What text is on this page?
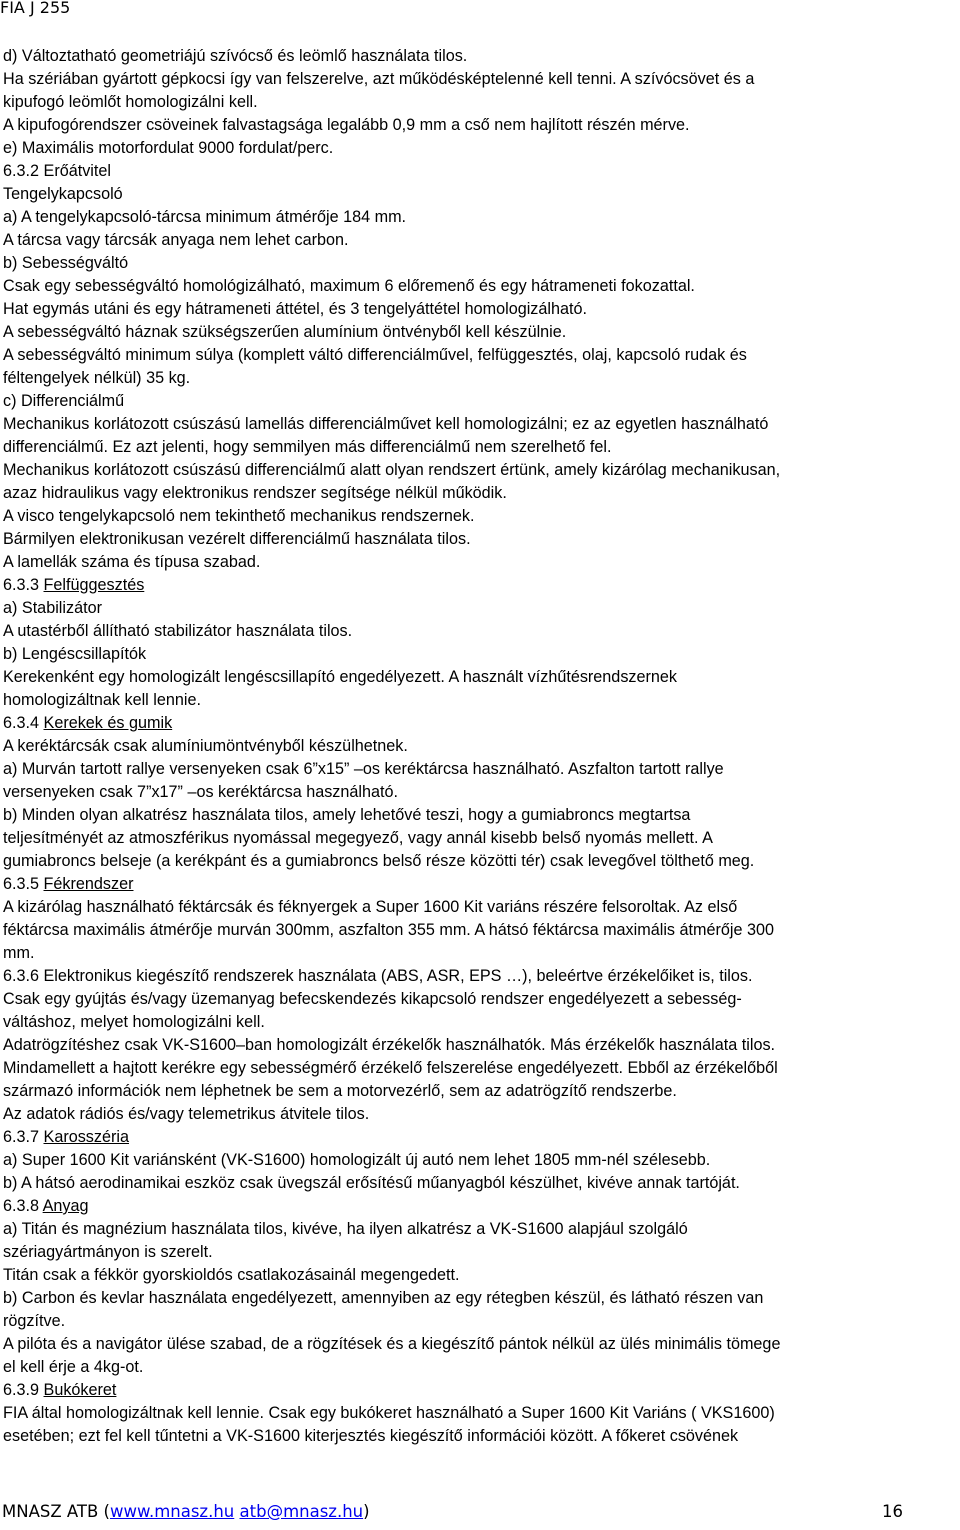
FIA J 255
d) Változtatható geometriájú szívócső és leömlő használata tilos.
Ha szériában gyártott gépkocsi így van felszerelve, azt működésképtelenné kell tenni. A szívócsövet és a
kipufogó leömlőt homologizálni kell.
A kipufogórendszer csöveinek falvastagsága legalább 0,9 mm a cső nem hajlított részén mérve.
e) Maximális motorfordulat 9000 fordulat/perc.
6.3.2 Erőátvitel
Tengelykapcsoló
a) A tengelykapcsoló-tárcsa minimum átmérője 184 mm.
A tárcsa vagy tárcsák anyaga nem lehet carbon.
b) Sebességváltó
Csak egy sebességváltó homológizálható, maximum 6 előremenő és egy hátrameneti fokozattal.
Hat egymás utáni és egy hátrameneti áttétel, és 3 tengelyáttétel homologizálható.
A sebességváltó háznak szükségszerűen alumínium öntvényből kell készülnie.
A sebességváltó minimum súlya (komplett váltó differenciálművel, felfüggesztés, olaj, kapcsoló rudak és
féltengelyek nélkül) 35 kg.
c) Differenciálmű
Mechanikus korlátozott csúszású lamellás differenciálművet kell homologizálni; ez az egyetlen használható
differenciálmű. Ez azt jelenti, hogy semmilyen más differenciálmű nem szerelhető fel.
Mechanikus korlátozott csúszású differenciálmű alatt olyan rendszert értünk, amely kizárólag mechanikusan,
azaz hidraulikus vagy elektronikus rendszer segítsége nélkül működik.
A visco tengelykapcsoló nem tekinthető mechanikus rendszernek.
Bármilyen elektronikusan vezérelt differenciálmű használata tilos.
A lamellák száma és típusa szabad.
6.3.3 Felfüggesztés
a) Stabilizátor
A utastérből állítható stabilizátor használata tilos.
b) Lengéscsillapítók
Kerekenként egy homologizált lengéscsillapító engedélyezett. A használt vízhűtésrendszernek
homologizáltnak kell lennie.
6.3.4 Kerekek és gumik
A keréktárcsák csak alumíniumöntvényből készülhetnek.
a) Murván tartott rallye versenyeken csak 6”x15” –os keréktárcsa használható. Aszfalton tartott rallye
versenyeken csak 7”x17” –os keréktárcsa használható.
b) Minden olyan alkatrész használata tilos, amely lehetővé teszi, hogy a gumiabroncs megtartsa
teljesítményét az atmoszférikus nyomással megegyező, vagy annál kisebb belső nyomás mellett. A
gumiabroncs belseje (a kerékpánt és a gumiabroncs belső része közötti tér) csak levegővel tölthető meg.
6.3.5 Fékrendszer
A kizárólag használható féktárcsák és féknyergek a Super 1600 Kit variáns részére felsoroltak. Az első
féktárcsa maximális átmérője murván 300mm, aszfalton 355 mm. A hátsó féktárcsa maximális átmérője 300
mm.
6.3.6 Elektronikus kiegészítő rendszerek használata (ABS, ASR, EPS …), beleértve érzékelőiket is, tilos.
Csak egy gyújtás és/vagy üzemanyag befecskendezés kikapcsoló rendszer engedélyezett a sebesség-
váltáshoz, melyet homologizálni kell.
Adatrögzítéshez csak VK-S1600–ban homologizált érzékelők használhatók. Más érzékelők használata tilos.
Mindamellett a hajtott kerékre egy sebességmérő érzékelő felszerelése engedélyezett. Ebből az érzékelőből
származó információk nem léphetnek be sem a motorvezérlő, sem az adatrögzítő rendszerbe.
Az adatok rádiós és/vagy telemetrikus átvitele tilos.
6.3.7 Karosszéria
a) Super 1600 Kit variánsként (VK-S1600) homologizált új autó nem lehet 1805 mm-nél szélesebb.
b) A hátsó aerodinamikai eszköz csak üvegszál erősítésű műanyagból készülhet, kivéve annak tartóját.
6.3.8 Anyag
a) Titán és magnézium használata tilos, kivéve, ha ilyen alkatrész a VK-S1600 alapjául szolgáló
szériagyártmányon is szerelt.
Titán csak a fékkör gyorskioldós csatlakozásainál megengedett.
b) Carbon és kevlar használata engedélyezett, amennyiben az egy rétegben készül, és látható részen van
rögzítve.
A pilóta és a navigátor ülése szabad, de a rögzítések és a kiegészítő pántok nélkül az ülés minimális tömege
el kell érje a 4kg-ot.
6.3.9 Bukókeret
FIA által homologizáltnak kell lennie. Csak egy bukókeret használható a Super 1600 Kit Variáns ( VKS1600)
esetében; ezt fel kell tűntetni a VK-S1600 kiterjesztés kiegészítő információi között. A főkeret csövének
MNASZ ATB (www.mnasz.hu atb@mnasz.hu)	16
